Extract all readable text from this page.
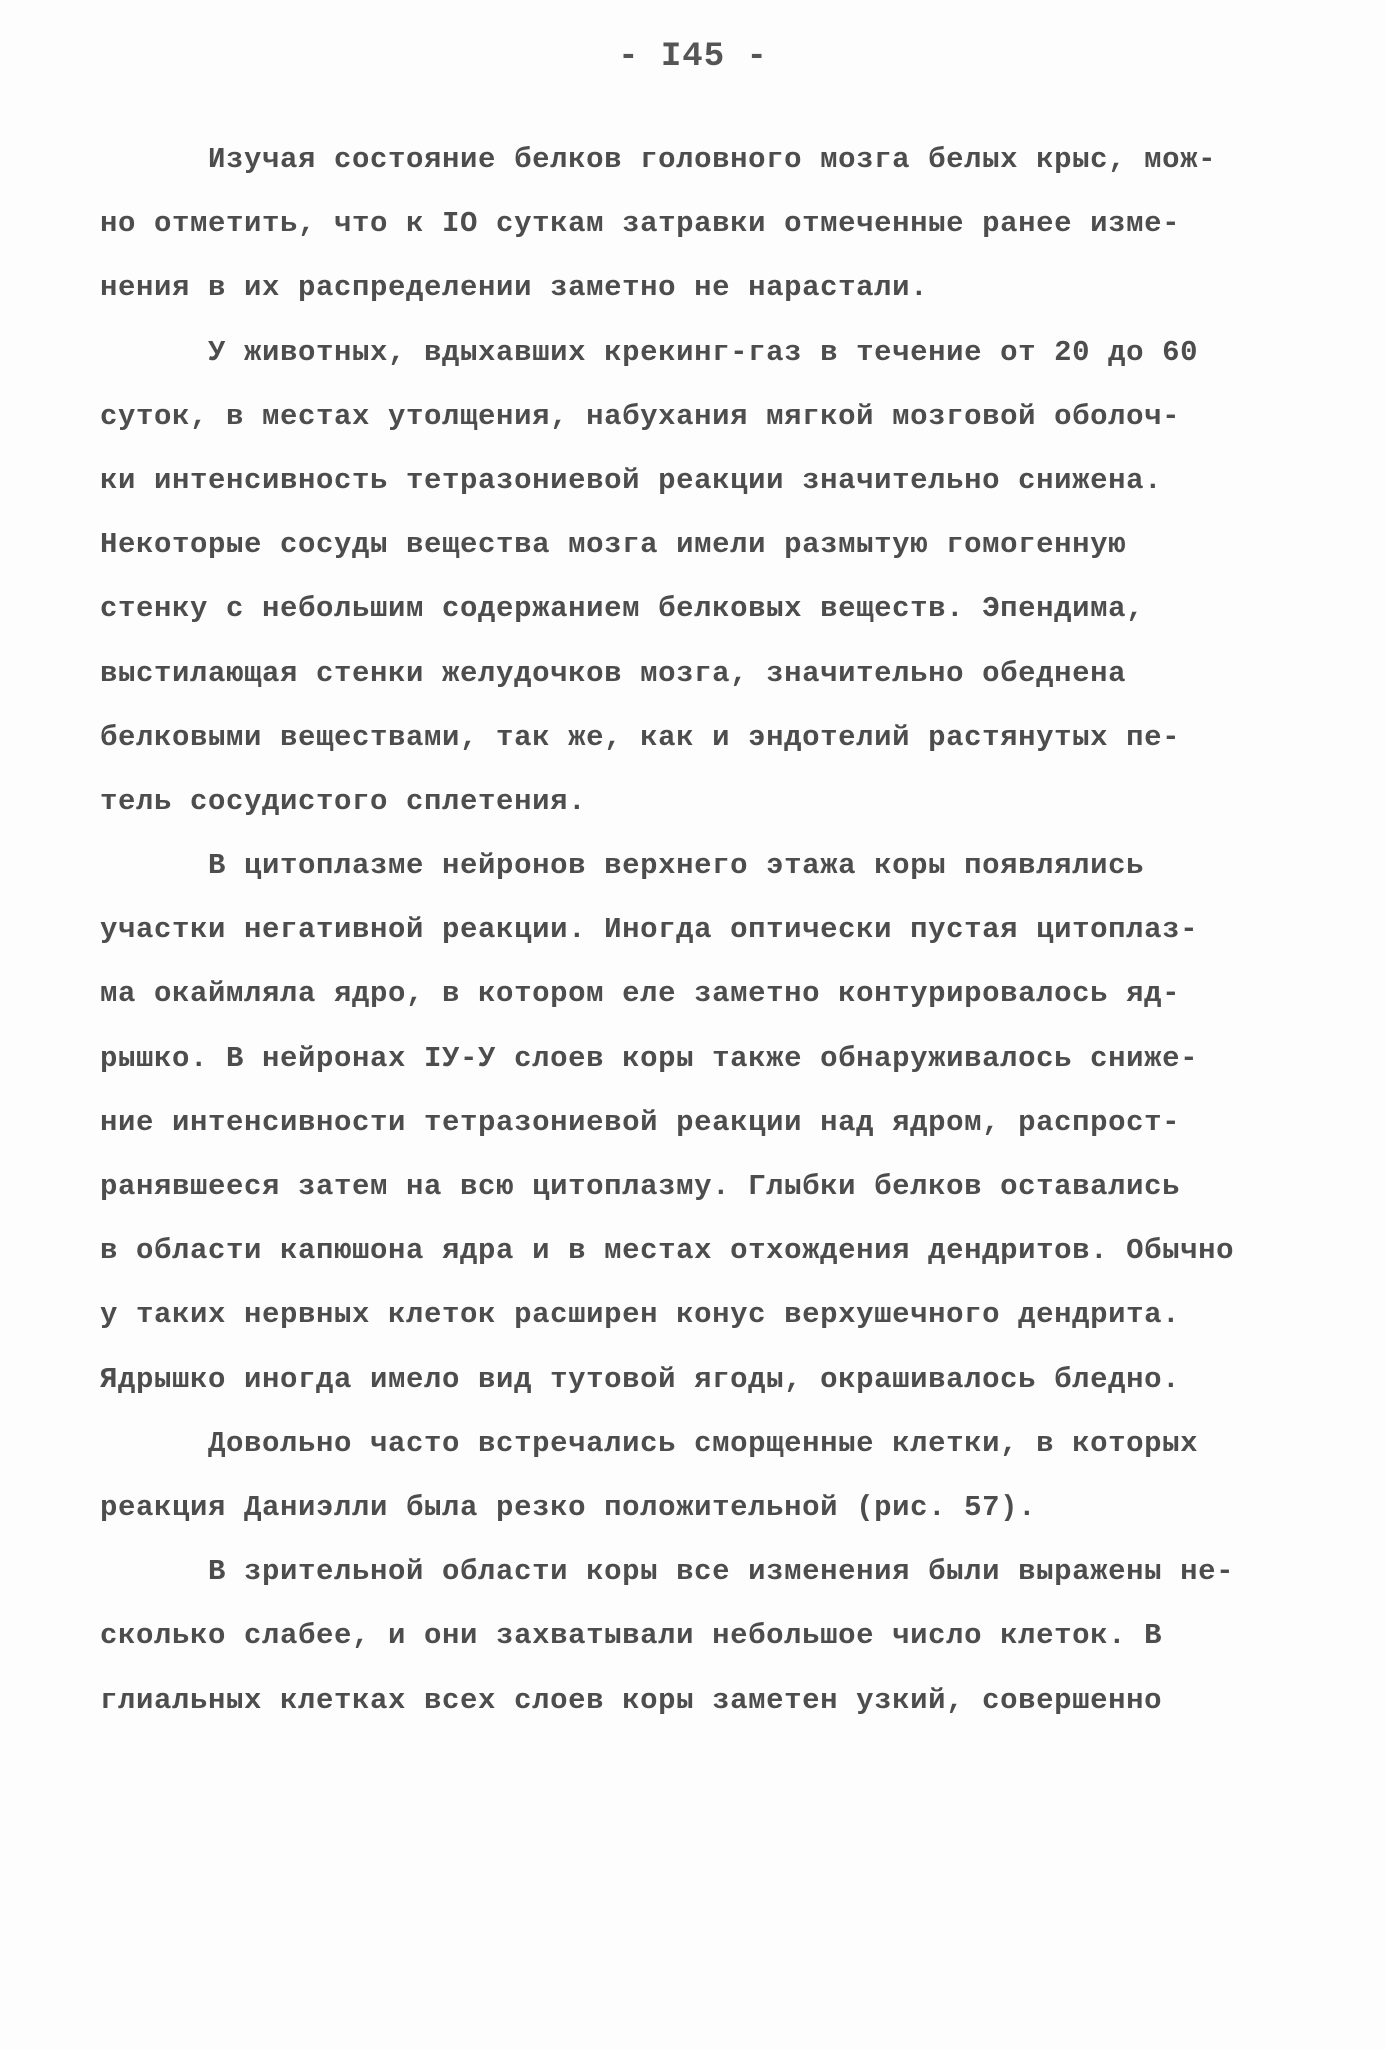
- I45 -
Изучая состояние белков головного мозга белых крыс, мож-
но отметить, что к IO суткам затравки отмеченные ранее изме-
нения в их распределении заметно не нарастали.
У животных, вдыхавших крекинг-газ в течение от 20 до 60
суток, в местах утолщения, набухания мягкой мозговой оболоч-
ки интенсивность тетразониевой реакции значительно снижена.
Некоторые сосуды вещества мозга имели размытую гомогенную
стенку с небольшим содержанием белковых веществ. Эпендима,
выстилающая стенки желудочков мозга, значительно обеднена
белковыми веществами, так же, как и эндотелий растянутых пе-
тель сосудистого сплетения.
В цитоплазме нейронов верхнего этажа коры появлялись
участки негативной реакции. Иногда оптически пустая цитоплаз-
ма окаймляла ядро, в котором еле заметно контурировалось яд-
рышко. В нейронах IУ-У слоев коры также обнаруживалось сниже-
ние интенсивности тетразониевой реакции над ядром, распрост-
ранявшееся затем на всю цитоплазму. Глыбки белков оставались
в области капюшона ядра и в местах отхождения дендритов. Обычно
у таких нервных клеток расширен конус верхушечного дендрита.
Ядрышко иногда имело вид тутовой ягоды, окрашивалось бледно.
Довольно часто встречались сморщенные клетки, в которых
реакция Даниэлли была резко положительной (рис. 57).
В зрительной области коры все изменения были выражены не-
сколько слабее, и они захватывали небольшое число клеток. В
глиальных клетках всех слоев коры заметен узкий, совершенно
